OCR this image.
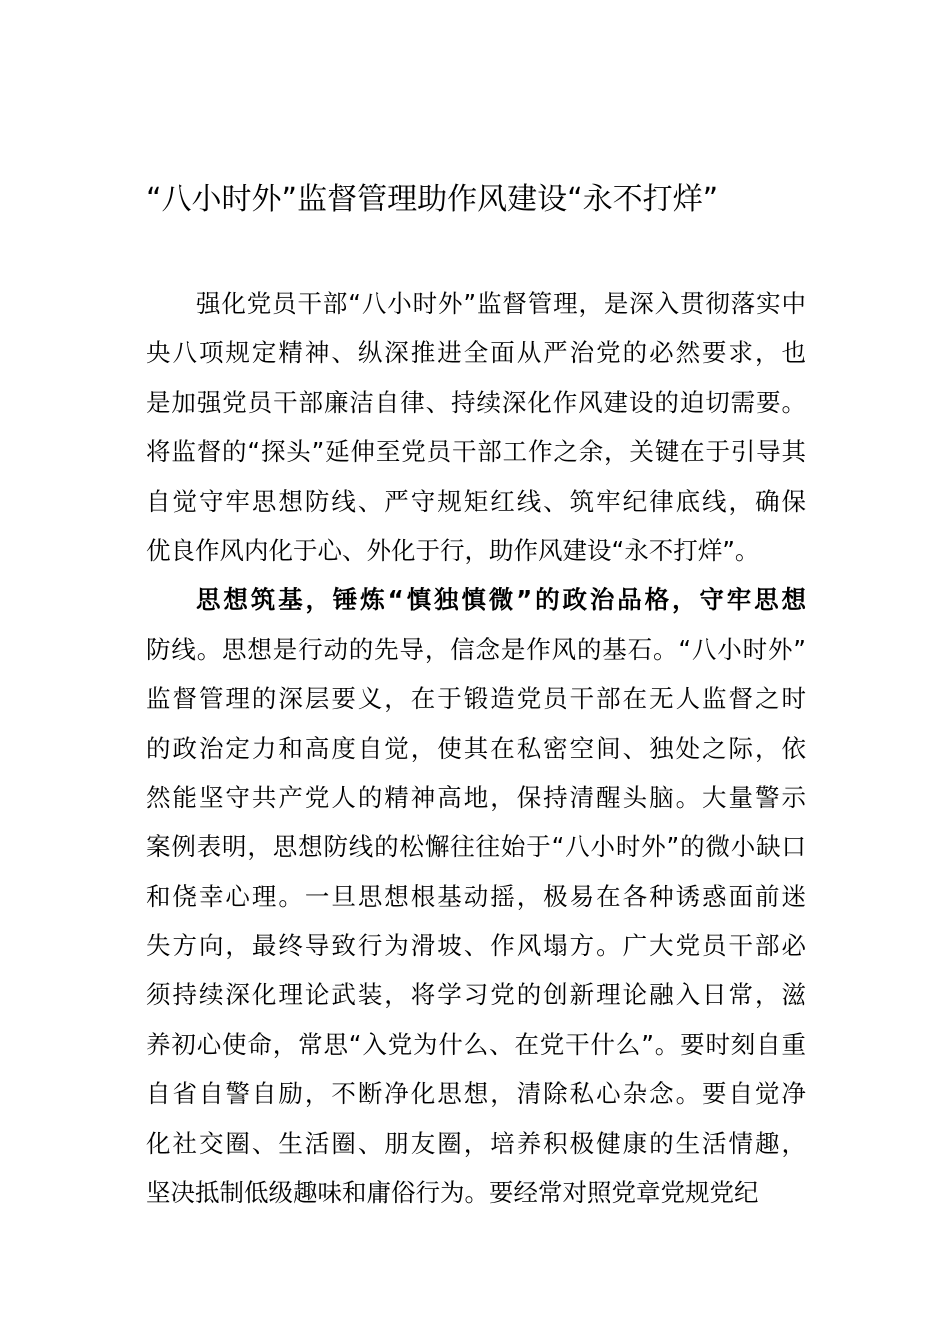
“八小时外”监督管理助作风建设“永不打烊”
强化党员干部“八小时外”监督管理，是深入贯彻落实中
央八项规定精神、纵深推进全面从严治党的必然要求，也
是加强党员干部廉洁自律、持续深化作风建设的迫切需要。
将监督的“探头”延伸至党员干部工作之余，关键在于引导其
自觉守牢思想防线、严守规矩红线、筑牢纪律底线，确保
优良作风内化于心、外化于行，助作风建设“永不打烊”。
思想筑基，锤炼“慎独慎微”的政治品格，守牢思想
防线。思想是行动的先导，信念是作风的基石。“八小时外”
监督管理的深层要义，在于锻造党员干部在无人监督之时
的政治定力和高度自觉，使其在私密空间、独处之际，依
然能坚守共产党人的精神高地，保持清醒头脑。大量警示
案例表明，思想防线的松懈往往始于“八小时外”的微小缺口
和侥幸心理。一旦思想根基动摇，极易在各种诱惑面前迷
失方向，最终导致行为滑坡、作风塌方。广大党员干部必
须持续深化理论武装，将学习党的创新理论融入日常，滋
养初心使命，常思“入党为什么、在党干什么”。要时刻自重
自省自警自励，不断净化思想，清除私心杂念。要自觉净
化社交圈、生活圈、朋友圈，培养积极健康的生活情趣，
坚决抵制低级趣味和庸俗行为。要经常对照党章党规党纪
